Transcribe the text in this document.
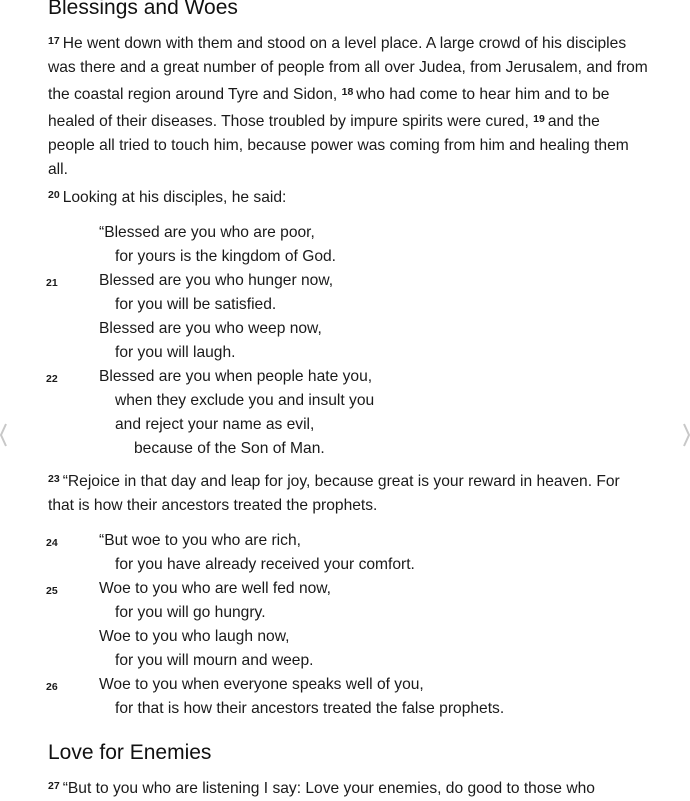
Blessings and Woes

$^{17}$ He went down with them and stood on a level place. A large crowd of his disciples was there and a great number of people from all over Judea, from Jerusalem, and from the coastal region around Tyre and Sidon, $^{18}$ who had come to hear him and to be healed of their diseases. Those troubled by impure spirits were cured, $^{19}$ and the people all tried to touch him, because power was coming from him and healing them all.

$^{20}$ Looking at his disciples, he said:

“Blessed are you who are poor,
for yours is the kingdom of God.
21	Blessed are you who hunger now,
for you will be satisfied.
Blessed are you who weep now,
for you will laugh.
22	Blessed are you when people hate you,
when they exclude you and insult you
and reject your name as evil,
because of the Son of Man.

$^{23}$ “Rejoice in that day and leap for joy, because great is your reward in heaven. For that is how their ancestors treated the prophets.

24	“But woe to you who are rich,
for you have already received your comfort.
25	Woe to you who are well fed now,
for you will go hungry.
Woe to you who laugh now,
for you will mourn and weep.
26	Woe to you when everyone speaks well of you,
for that is how their ancestors treated the false prophets.
Love for Enemies

$^{27}$ “But to you who are listening I say: Love your enemies, do good to those who
